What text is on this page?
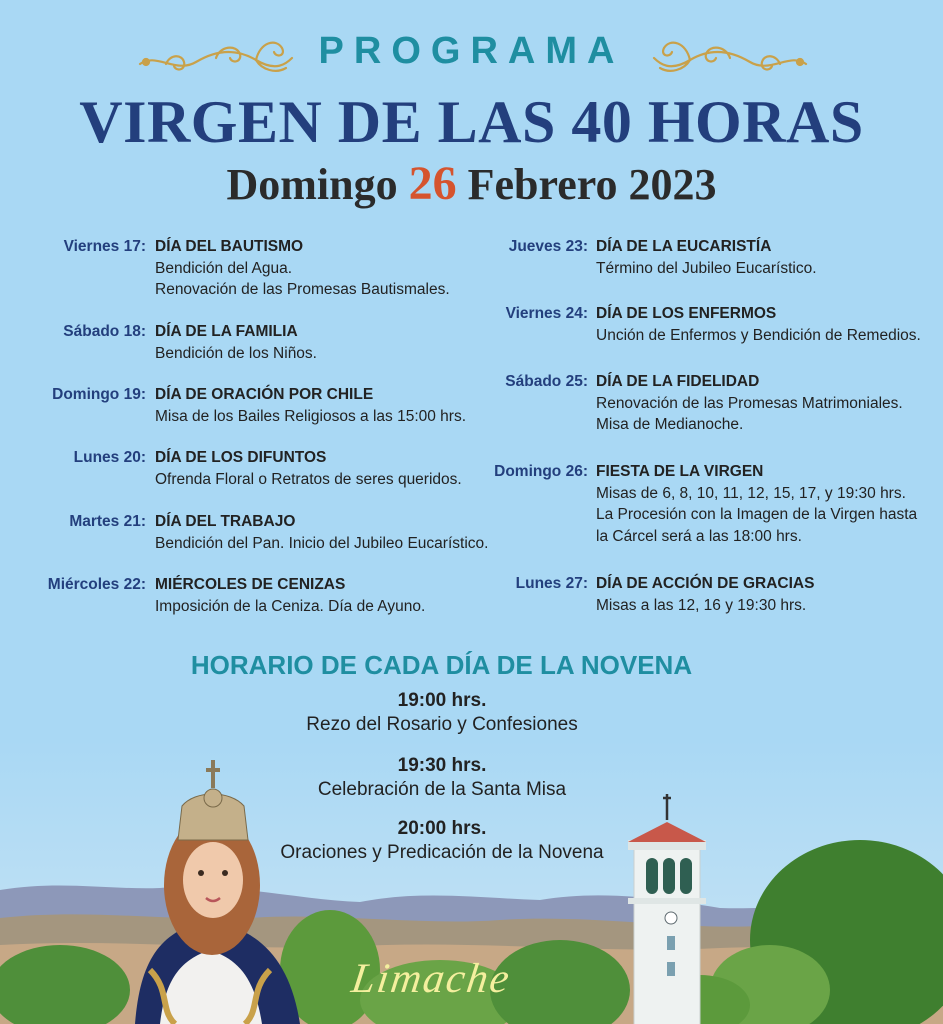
PROGRAMA
VIRGEN DE LAS 40 HORAS
Domingo 26 Febrero 2023
Viernes 17: DÍA DEL BAUTISMO
Bendición del Agua.
Renovación de las Promesas Bautismales.
Sábado 18: DÍA DE LA FAMILIA
Bendición de los Niños.
Domingo 19: DÍA DE ORACIÓN POR CHILE
Misa de los Bailes Religiosos a las 15:00 hrs.
Lunes 20: DÍA DE LOS DIFUNTOS
Ofrenda Floral o Retratos de seres queridos.
Martes 21: DÍA DEL TRABAJO
Bendición del Pan. Inicio del Jubileo Eucarístico.
Miércoles 22: MIÉRCOLES DE CENIZAS
Imposición de la Ceniza. Día de Ayuno.
Jueves 23: DÍA DE LA EUCARISTÍA
Término del Jubileo Eucarístico.
Viernes 24: DÍA DE LOS ENFERMOS
Unción de Enfermos y Bendición de Remedios.
Sábado 25: DÍA DE LA FIDELIDAD
Renovación de las Promesas Matrimoniales.
Misa de Medianoche.
Domingo 26: FIESTA DE LA VIRGEN
Misas de 6, 8, 10, 11, 12, 15, 17, y 19:30 hrs.
La Procesión con la Imagen de la Virgen hasta
la Cárcel será a las 18:00 hrs.
Lunes 27: DÍA DE ACCIÓN DE GRACIAS
Misas a las 12, 16 y 19:30 hrs.
HORARIO DE CADA DÍA DE LA NOVENA
19:00 hrs.
Rezo del Rosario y Confesiones
19:30 hrs.
Celebración de la Santa Misa
20:00 hrs.
Oraciones y Predicación de la Novena
Limache
